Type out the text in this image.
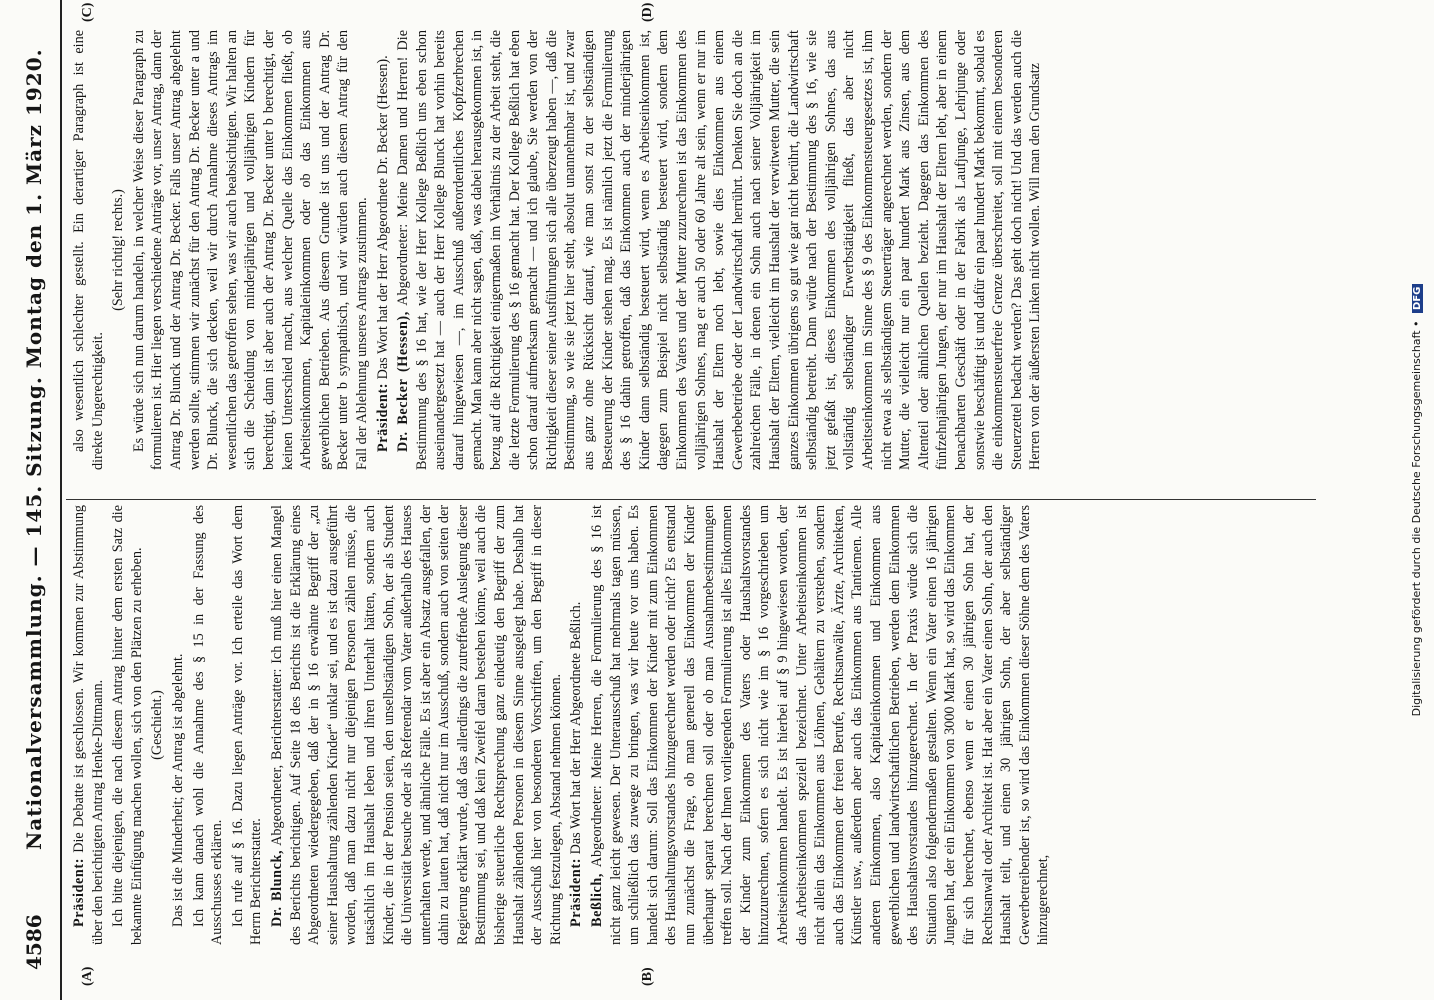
4586
Nationalversammlung. — 145. Sitzung. Montag den 1. März 1920.
(A)	(B)
(C)	(D)

Präsident: Die Debatte ist geschlossen. Wir kommen zur Abstimmung über den berichtigten Antrag Henke-Dittmann. Ich bitte diejenigen, die nach diesem Antrag hinter dem ersten Satz die bekannte Einfügung machen wollen, sich von den Plätzen zu erheben. (Geschieht.) Das ist die Minderheit; der Antrag ist abgelehnt. Ich kann danach wohl die Annahme des § 15 in der Fassung des Ausschusses erklären. Ich rufe auf § 16. Dazu liegen Anträge vor. Ich erteile das Wort dem Herrn Berichterstatter. Dr. Blunck, Abgeordneter, Berichterstatter: Ich muß hier einen Mangel des Berichts berichtigen. Auf Seite 18 des Berichts ist die Erklärung eines Abgeordneten wiedergegeben, daß der in § 16 erwähnte Begriff der „zu seiner Haushaltung zählenden Kinder“ unklar sei, und es ist dazu ausgeführt worden, daß man dazu nicht nur diejenigen Personen zählen müsse, die tatsächlich im Haushalt leben und ihren Unterhalt hätten, sondern auch Kinder, die in der Pension seien, den unselbständigen Sohn, der als Student die Universität besuche oder als Referendar vom Vater außerhalb des Hauses unterhalten werde, und ähnliche Fälle. Es ist aber ein Absatz ausgefallen, der dahin zu lauten hat, daß nicht nur im Ausschuß, sondern auch von seiten der Regierung erklärt wurde, daß das allerdings die zutreffende Auslegung dieser Bestimmung sei, und daß kein Zweifel daran bestehen könne, weil auch die bisherige steuerliche Rechtsprechung ganz eindeutig den Begriff der zum Haushalt zählenden Personen in diesem Sinne ausgelegt habe. Deshalb hat der Ausschuß hier von besonderen Vorschriften, um den Begriff in dieser Richtung festzulegen, Abstand nehmen können. Präsident: Das Wort hat der Herr Abgeordnete Beßlich.

Beßlich, Abgeordneter: Meine Herren, die Formulierung des § 16 ist nicht ganz leicht gewesen. Der Unterausschuß hat mehrmals tagen müssen, um schließlich das zuwege zu bringen, was wir heute vor uns haben. Es handelt sich darum: Soll das Einkommen der Kinder mit zum Einkommen des Haushaltungsvorstandes hinzugerechnet werden oder nicht? Es entstand nun zunächst die Frage, ob man generell das Einkommen der Kinder überhaupt separat berechnen soll oder ob man Ausnahmebestimmungen treffen soll. Nach der Ihnen vorliegenden Formulierung ist alles Einkommen der Kinder zum Einkommen des Vaters oder Haushaltsvorstandes hinzuzurechnen, sofern es sich nicht wie im § 16 vorgeschrieben um Arbeitseinkommen handelt. Es ist hierbei auf § 9 hingewiesen worden, der das Arbeitseinkommen speziell bezeichnet. Unter Arbeitseinkommen ist nicht allein das Einkommen aus Löhnen, Gehältern zu verstehen, sondern auch das Einkommen der freien Berufe, Rechtsanwälte, Ärzte, Architekten, Künstler usw., außerdem aber auch das Einkommen aus Tantiemen. Alle anderen Einkommen, also Kapitaleinkommen und Einkommen aus gewerblichen und landwirtschaftlichen Betrieben, werden dem Einkommen des Haushaltsvorstandes hinzugerechnet. In der Praxis würde sich die Situation also folgendermaßen gestalten. Wenn ein Vater einen 16 jährigen Jungen hat, der ein Einkommen von 3000 Mark hat, so wird das Einkommen für sich berechnet, ebenso wenn er einen 30 jährigen Sohn hat, der Rechtsanwalt oder Architekt ist. Hat aber ein Vater einen Sohn, der auch den Haushalt teilt, und einen 30 jährigen Sohn, der aber selbständiger Gewerbetreibender ist, so wird das Einkommen dieser Söhne dem des Vaters hinzugerechnet,

also wesentlich schlechter gestellt. Ein derartiger Paragraph ist eine direkte Ungerechtigkeit.

(Sehr richtig! rechts.) Es würde sich nun darum handeln, in welcher Weise dieser Paragraph zu formulieren ist. Hier liegen verschiedene Anträge vor, unser Antrag, dann der Antrag Dr. Blunck und der Antrag Dr. Becker. Falls unser Antrag abgelehnt werden sollte, stimmen wir zunächst für den Antrag Dr. Becker unter a und Dr. Blunck, die sich decken, weil wir durch Annahme dieses Antrags im wesentlichen das getroffen sehen, was wir auch beabsichtigten. Wir halten an sich die Scheidung von minderjährigen und volljährigen Kindern für berechtigt, dann ist aber auch der Antrag Dr. Becker unter b berechtigt, der keinen Unterschied macht, aus welcher Quelle das Einkommen fließt, ob Arbeitseinkommen, Kapitaleinkommen oder ob das Einkommen aus gewerblichen Betrieben. Aus diesem Grunde ist uns und der Antrag Dr. Becker unter b sympathisch, und wir würden auch diesem Antrag für den Fall der Ablehnung unseres Antrags zustimmen. Präsident: Das Wort hat der Herr Abgeordnete Dr. Becker (Hessen).

Dr. Becker (Hessen), Abgeordneter: Meine Damen und Herren! Die Bestimmung des § 16 hat, wie der Herr Kollege Beßlich uns eben schon auseinandergesetzt hat — auch der Herr Kollege Blunck hat vorhin bereits darauf hingewiesen —, im Ausschuß außerordentliches Kopfzerbrechen gemacht. Man kann aber nicht sagen, daß, was dabei herausgekommen ist, in bezug auf die Richtigkeit einigermaßen im Verhältnis zu der Arbeit steht, die die letzte Formulierung des § 16 gemacht hat. Der Kollege Beßlich hat eben schon darauf aufmerksam gemacht — und ich glaube, Sie werden von der Richtigkeit dieser seiner Ausführungen sich alle überzeugt haben —, daß die Bestimmung, so wie sie jetzt hier steht, absolut unannehmbar ist, und zwar aus ganz ohne Rücksicht darauf, wie man sonst zu der selbständigen Besteuerung der Kinder stehen mag. Es ist nämlich jetzt die Formulierung des § 16 dahin getroffen, daß das Einkommen auch der minderjährigen Kinder dann selbständig besteuert wird, wenn es Arbeitseinkommen ist, dagegen zum Beispiel nicht selbständig besteuert wird, sondern dem Einkommen des Vaters und der Mutter zuzurechnen ist das Einkommen des volljährigen Sohnes, mag er auch 50 oder 60 Jahre alt sein, wenn er nur im Haushalt der Eltern noch lebt, sowie dies Einkommen aus einem Gewerbebetriebe oder der Landwirtschaft herrührt. Denken Sie doch an die zahlreichen Fälle, in denen ein Sohn auch nach seiner Volljährigkeit im Haushalt der Eltern, vielleicht im Haushalt der verwitweten Mutter, die sein ganzes Einkommen übrigens so gut wie gar nicht berührt, die Landwirtschaft selbständig betreibt. Dann würde nach der Bestimmung des § 16, wie sie jetzt gefaßt ist, dieses Einkommen des volljährigen Sohnes, das aus vollständig selbständiger Erwerbstätigkeit fließt, das aber nicht Arbeitseinkommen im Sinne des § 9 des Einkommensteuergesetzes ist, ihm nicht etwa als selbständigem Steuerträger angerechnet werden, sondern der Mutter, die vielleicht nur ein paar hundert Mark aus Zinsen, aus dem Altenteil oder ähnlichen Quellen bezieht. Dagegen das Einkommen des fünfzehnjährigen Jungen, der nur im Haushalt der Eltern lebt, aber in einem benachbarten Geschäft oder in der Fabrik als Laufjunge, Lehrjunge oder sonstwie beschäftigt ist und dafür ein paar hundert Mark bekommt, sobald es die einkommensteuerfreie Grenze überschreitet, soll mit einem besonderen Steuerzettel bedacht werden? Das geht doch nicht! Und das werden auch die Herren von der äußersten Linken nicht wollen. Will man den Grundsatz

Digitalisierung gefördert durch die Deutsche Forschungsgemeinschaft • DFG
